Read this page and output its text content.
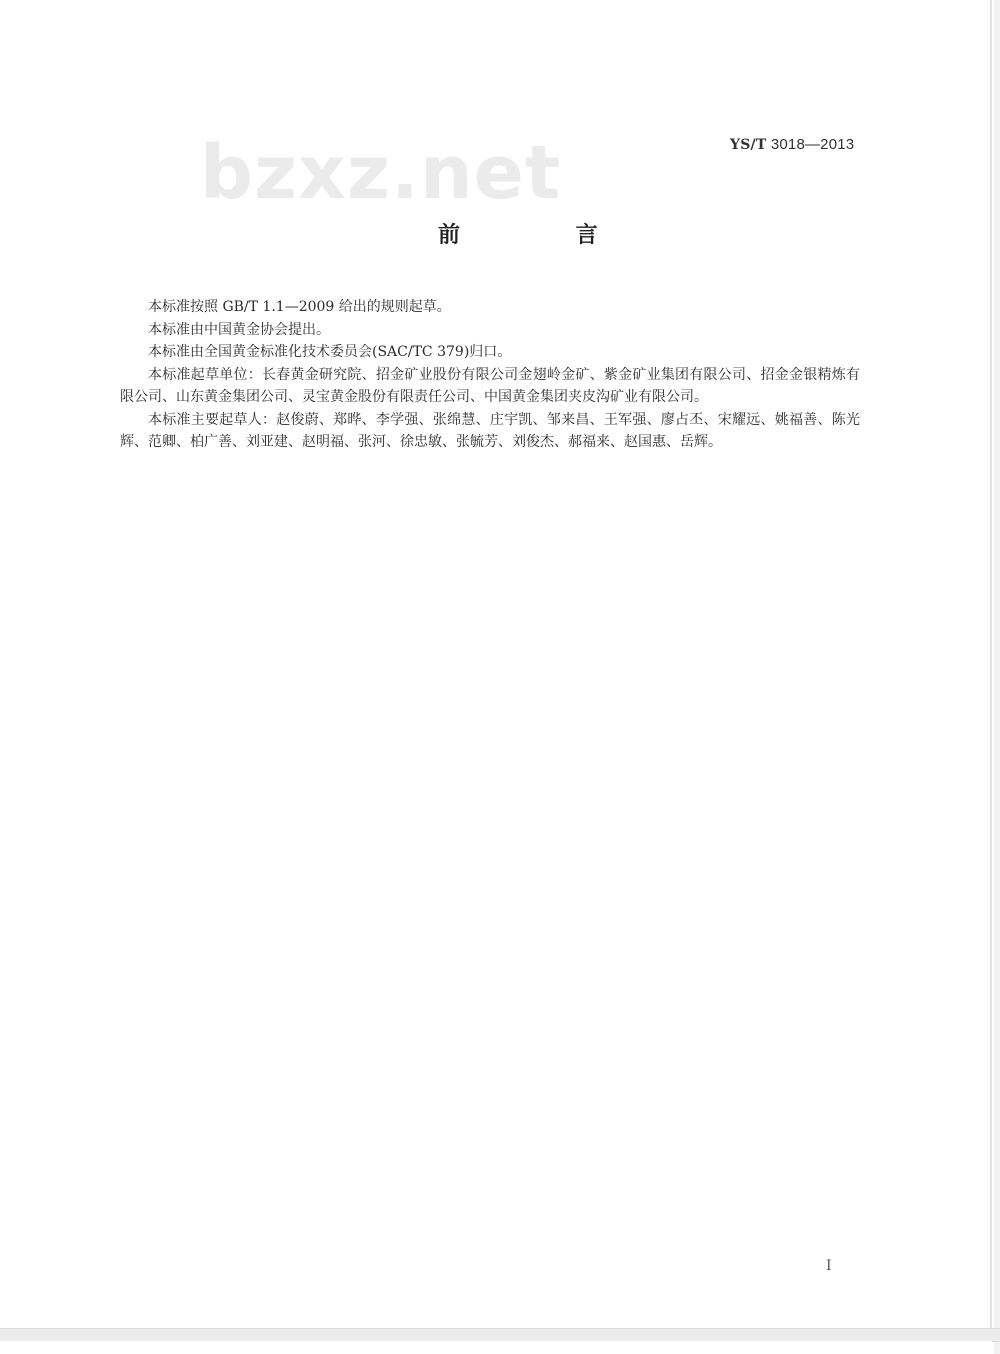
YS/T 3018—2013
bzxz.net
前 言

本标准按照 GB/T 1.1—2009 给出的规则起草。

本标准由中国黄金协会提出。

本标准由全国黄金标准化技术委员会(SAC/TC 379)归口。

本标准起草单位：长春黄金研究院、招金矿业股份有限公司金翅岭金矿、紫金矿业集团有限公司、招金金银精炼有限公司、山东黄金集团公司、灵宝黄金股份有限责任公司、中国黄金集团夹皮沟矿业有限公司。

本标准主要起草人：赵俊蔚、郑晔、李学强、张绵慧、庄宇凯、邹来昌、王军强、廖占丕、宋耀远、姚福善、陈光辉、范卿、柏广善、刘亚建、赵明福、张河、徐忠敏、张毓芳、刘俊杰、郝福来、赵国惠、岳辉。

I
